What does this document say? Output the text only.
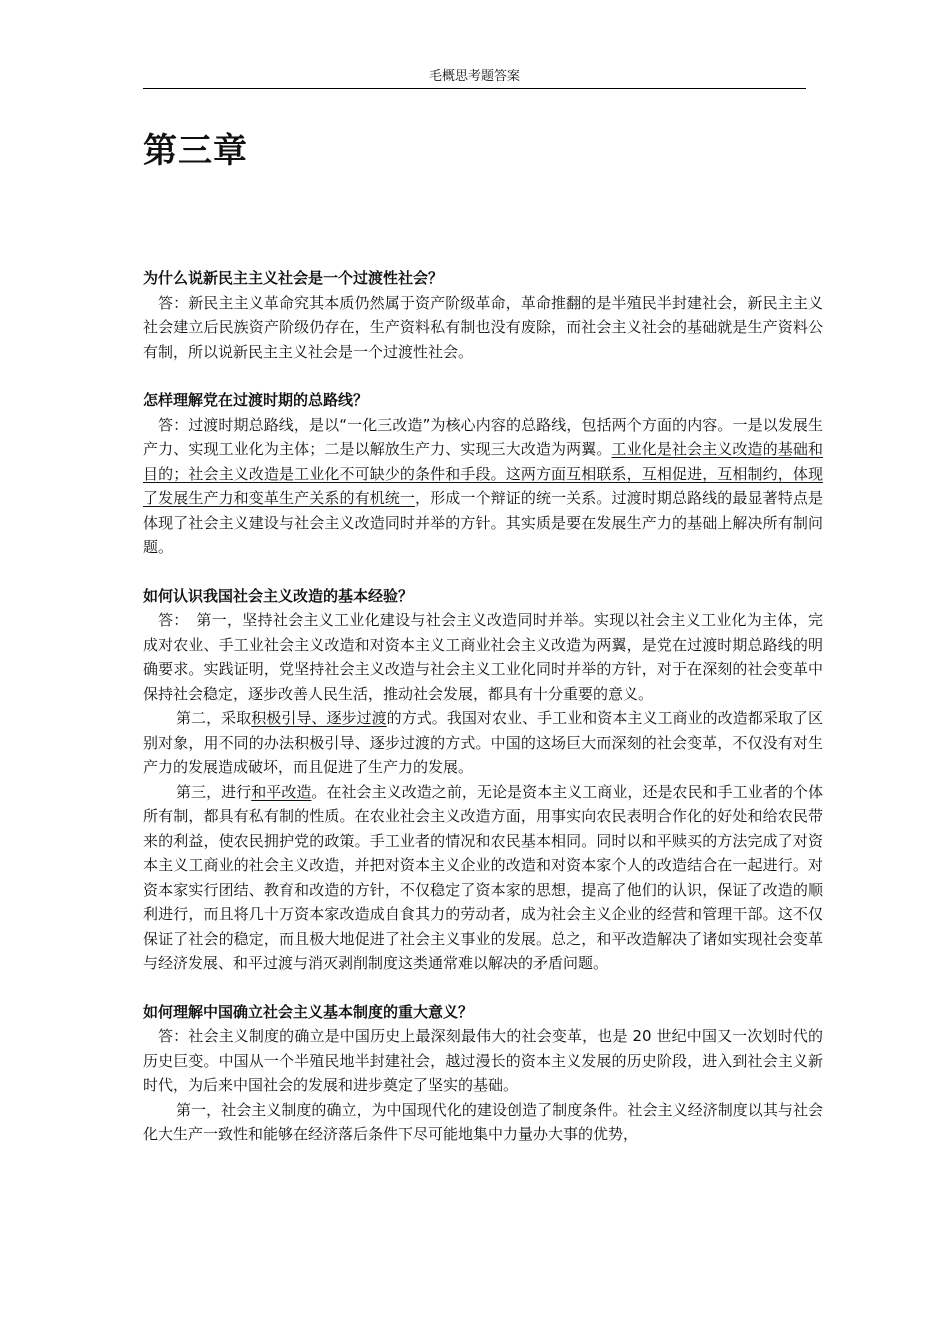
毛概思考题答案
第三章

为什么说新民主主义社会是一个过渡性社会？

答：新民主主义革命究其本质仍然属于资产阶级革命，革命推翻的是半殖民半封建社会，新民主主义社会建立后民族资产阶级仍存在，生产资料私有制也没有废除，而社会主义社会的基础就是生产资料公有制，所以说新民主主义社会是一个过渡性社会。

怎样理解党在过渡时期的总路线？

答：过渡时期总路线，是以“一化三改造”为核心内容的总路线，包括两个方面的内容。一是以发展生产力、实现工业化为主体；二是以解放生产力、实现三大改造为两翼。工业化是社会主义改造的基础和目的；社会主义改造是工业化不可缺少的条件和手段。这两方面互相联系，互相促进，互相制约，体现了发展生产力和变革生产关系的有机统一，形成一个辩证的统一关系。过渡时期总路线的最显著特点是体现了社会主义建设与社会主义改造同时并举的方针。其实质是要在发展生产力的基础上解决所有制问题。

如何认识我国社会主义改造的基本经验？

答：　第一，坚持社会主义工业化建设与社会主义改造同时并举。实现以社会主义工业化为主体，完成对农业、手工业社会主义改造和对资本主义工商业社会主义改造为两翼，是党在过渡时期总路线的明确要求。实践证明，党坚持社会主义改造与社会主义工业化同时并举的方针，对于在深刻的社会变革中保持社会稳定，逐步改善人民生活，推动社会发展，都具有十分重要的意义。

第二，采取积极引导、逐步过渡的方式。我国对农业、手工业和资本主义工商业的改造都采取了区别对象，用不同的办法积极引导、逐步过渡的方式。中国的这场巨大而深刻的社会变革，不仅没有对生产力的发展造成破坏，而且促进了生产力的发展。

第三，进行和平改造。在社会主义改造之前，无论是资本主义工商业，还是农民和手工业者的个体所有制，都具有私有制的性质。在农业社会主义改造方面，用事实向农民表明合作化的好处和给农民带来的利益，使农民拥护党的政策。手工业者的情况和农民基本相同。同时以和平赎买的方法完成了对资本主义工商业的社会主义改造，并把对资本主义企业的改造和对资本家个人的改造结合在一起进行。对资本家实行团结、教育和改造的方针，不仅稳定了资本家的思想，提高了他们的认识，保证了改造的顺利进行，而且将几十万资本家改造成自食其力的劳动者，成为社会主义企业的经营和管理干部。这不仅保证了社会的稳定，而且极大地促进了社会主义事业的发展。总之，和平改造解决了诸如实现社会变革与经济发展、和平过渡与消灭剥削制度这类通常难以解决的矛盾问题。

如何理解中国确立社会主义基本制度的重大意义？

答：社会主义制度的确立是中国历史上最深刻最伟大的社会变革，也是 20 世纪中国又一次划时代的历史巨变。中国从一个半殖民地半封建社会，越过漫长的资本主义发展的历史阶段，进入到社会主义新时代，为后来中国社会的发展和进步奠定了坚实的基础。

第一，社会主义制度的确立，为中国现代化的建设创造了制度条件。社会主义经济制度以其与社会化大生产一致性和能够在经济落后条件下尽可能地集中力量办大事的优势，
